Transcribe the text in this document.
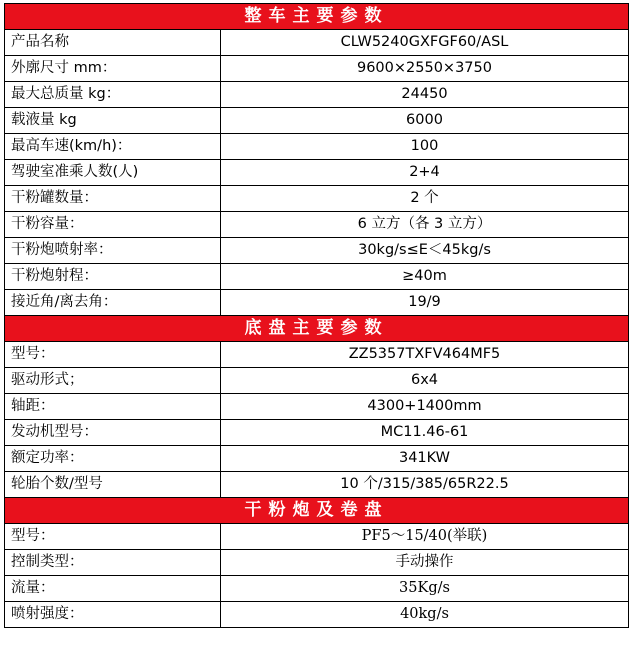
整车主要参数	
产品名称	CLW5240GXFGF60/ASL
外廓尺寸 mm：	9600×2550×3750
最大总质量 kg：	24450
载液量 kg	6000
最高车速(km/h)：	100
驾驶室准乘人数(人)	2+4
干粉罐数量：	2 个
干粉容量：	6 立方（各 3 立方）
干粉炮喷射率：	30kg/s≤E＜45kg/s
干粉炮射程：	≥40m
接近角/离去角：	19/9
底盘主要参数	
型号：	ZZ5357TXFV464MF5
驱动形式；	6x4
轴距：	4300+1400mm
发动机型号：	MC11.46-61
额定功率：	341KW
轮胎个数/型号	10 个/315/385/65R22.5
干粉炮及卷盘	
型号：	PF5～15/40(举联)
控制类型：	手动操作
流量：	35Kg/s
喷射强度：	40kg/s
